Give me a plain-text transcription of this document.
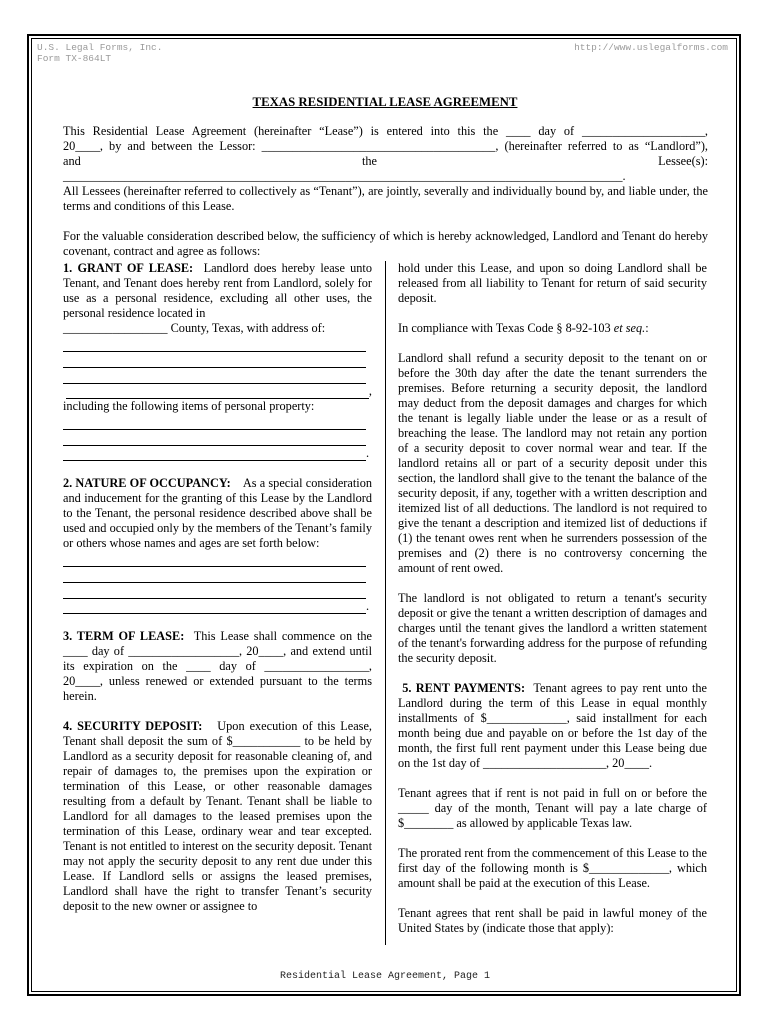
U.S. Legal Forms, Inc.
Form TX-864LT
http://www.uslegalforms.com
TEXAS RESIDENTIAL LEASE AGREEMENT

This Residential Lease Agreement (hereinafter “Lease”) is entered into this the ____ day of ____________________,

20____, by and between the Lessor: ______________________________________, (hereinafter referred to as “Landlord”),

and the Lessee(s): ___________________________________________________________________________________________.

All Lessees (hereinafter referred to collectively as “Tenant”), are jointly, severally and individually bound by, and liable under, the terms and conditions of this Lease.

For the valuable consideration described below, the sufficiency of which is hereby acknowledged, Landlord and Tenant do hereby covenant, contract and agree as follows:

1. GRANT OF LEASE: Landlord does hereby lease unto Tenant, and Tenant does hereby rent from Landlord, solely for use as a personal residence, excluding all other uses, the personal residence located in

_________________ County, Texas, with address of:

,

including the following items of personal property:

.

2. NATURE OF OCCUPANCY: As a special consideration and inducement for the granting of this Lease by the Landlord to the Tenant, the personal residence described above shall be used and occupied only by the members of the Tenant’s family or others whose names and ages are set forth below:

.

3. TERM OF LEASE: This Lease shall commence on the ____ day of __________________, 20____, and extend until its expiration on the ____ day of _________________, 20____, unless renewed or extended pursuant to the terms herein.

4. SECURITY DEPOSIT: Upon execution of this Lease, Tenant shall deposit the sum of $___________ to be held by Landlord as a security deposit for reasonable cleaning of, and repair of damages to, the premises upon the expiration or termination of this Lease, or other reasonable damages resulting from a default by Tenant. Tenant shall be liable to Landlord for all damages to the leased premises upon the termination of this Lease, ordinary wear and tear excepted. Tenant is not entitled to interest on the security deposit. Tenant may not apply the security deposit to any rent due under this Lease. If Landlord sells or assigns the leased premises, Landlord shall have the right to transfer Tenant’s security deposit to the new owner or assignee to

hold under this Lease, and upon so doing Landlord shall be released from all liability to Tenant for return of said security deposit.

In compliance with Texas Code § 8-92-103 et seq.:

Landlord shall refund a security deposit to the tenant on or before the 30th day after the date the tenant surrenders the premises. Before returning a security deposit, the landlord may deduct from the deposit damages and charges for which the tenant is legally liable under the lease or as a result of breaching the lease. The landlord may not retain any portion of a security deposit to cover normal wear and tear. If the landlord retains all or part of a security deposit under this section, the landlord shall give to the tenant the balance of the security deposit, if any, together with a written description and itemized list of all deductions. The landlord is not required to give the tenant a description and itemized list of deductions if (1) the tenant owes rent when he surrenders possession of the premises and (2) there is no controversy concerning the amount of rent owed.

The landlord is not obligated to return a tenant's security deposit or give the tenant a written description of damages and charges until the tenant gives the landlord a written statement of the tenant's forwarding address for the purpose of refunding the security deposit.

5. RENT PAYMENTS: Tenant agrees to pay rent unto the Landlord during the term of this Lease in equal monthly installments of $_____________, said installment for each month being due and payable on or before the 1st day of the month, the first full rent payment under this Lease being due on the 1st day of ____________________, 20____.

Tenant agrees that if rent is not paid in full on or before the _____ day of the month, Tenant will pay a late charge of $________ as allowed by applicable Texas law.

The prorated rent from the commencement of this Lease to the first day of the following month is $_____________, which amount shall be paid at the execution of this Lease.

Tenant agrees that rent shall be paid in lawful money of the United States by (indicate those that apply):

Residential Lease Agreement, Page 1
